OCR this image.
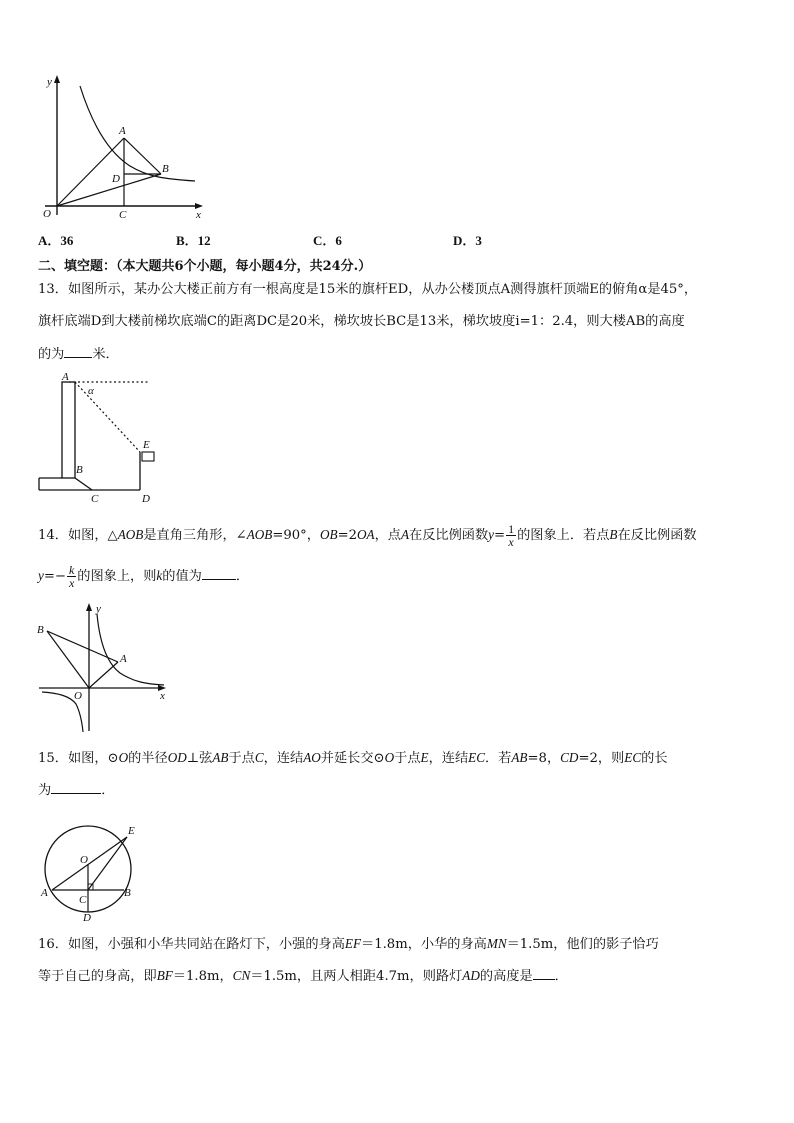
y
x
O
A
B
C
D
A．36	B．12	C．6	D．3
二、填空题：（本大题共6个小题，每小题4分，共24分.）
13．如图所示，某办公大楼正前方有一根高度是15米的旗杆ED，从办公楼顶点A测得旗杆顶端E的俯角α是45°，
旗杆底端D到大楼前梯坎底端C的距离DC是20米，梯坎坡长BC是13米，梯坎坡度i=1：2.4，则大楼AB的高度
的为 米．
A
α
E
B
C	D
14．如图，△AOB是直角三角形，∠AOB=90°，OB=2OA，点A在反比例函数$y= \frac{1}{x}$ 的图象上．若点B在反比例函数
$y=- \frac{k}{x}$ 的图象上，则k的值为	．
y
x
O
A
B
15．如图，⊙O的半径OD⊥弦AB于点C，连结AO并延长交⊙O于点E，连结EC．若AB=8，CD=2，则EC的长
为	．
E
O
A
C
B
D
16．如图，小强和小华共同站在路灯下，小强的身高EF＝1.8m，小华的身高MN＝1.5m，他们的影子恰巧
等于自己的身高，即BF＝1.8m，CN＝1.5m，且两人相距4.7m，则路灯AD的高度是 ．
